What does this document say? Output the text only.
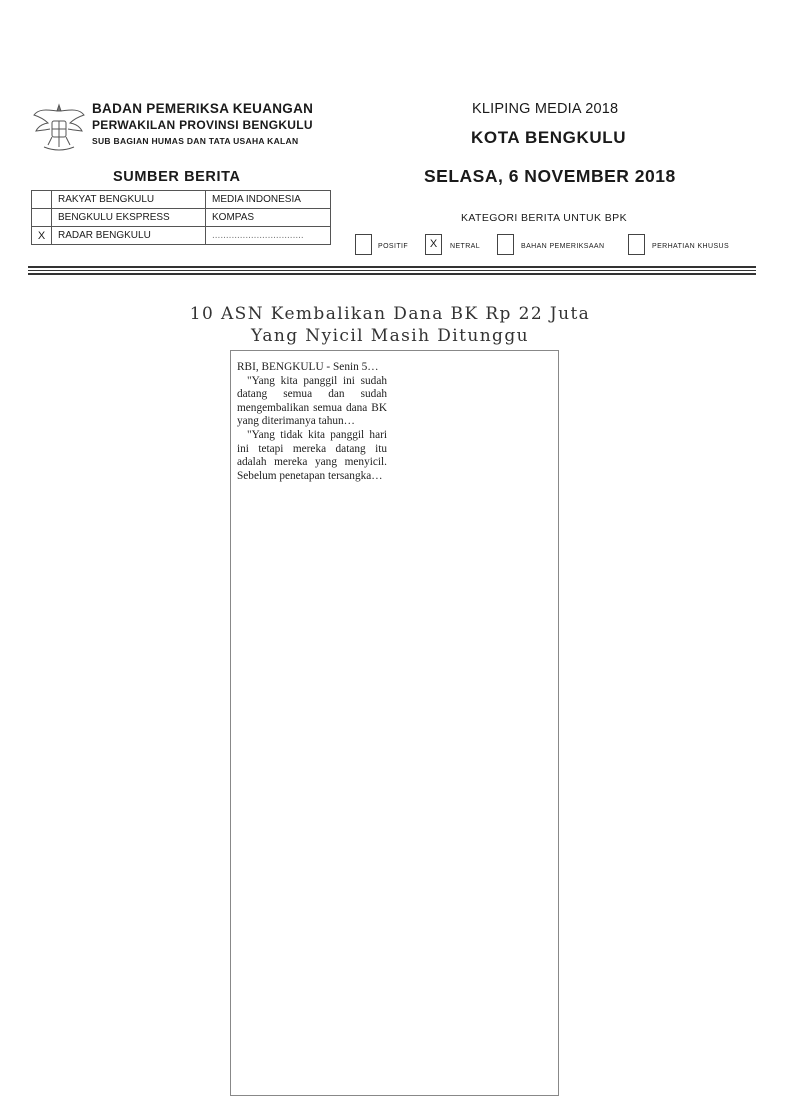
BADAN PEMERIKSA KEUANGAN
PERWAKILAN PROVINSI BENGKULU
SUB BAGIAN HUMAS DAN TATA USAHA KALAN
KLIPING MEDIA 2018
KOTA BENGKULU
SUMBER BERITA	SELASA, 6 NOVEMBER 2018
	RAKYAT BENGKULU	MEDIA INDONESIA
	BENGKULU EKSPRESS	KOMPAS
X	RADAR BENGKULU	.................................
KATEGORI BERITA UNTUK BPK
POSITIF	X	NETRAL	BAHAN PEMERIKSAAN	PERHATIAN KHUSUS
10 ASN Kembalikan Dana BK Rp 22 Juta
Yang Nyicil Masih Ditunggu

RBI, BENGKULU - Senin 5…

"Yang kita panggil ini sudah datang semua dan sudah mengembalikan semua dana BK yang diterimanya tahun…

"Yang tidak kita panggil hari ini tetapi mereka datang itu adalah mereka yang menyicil. Sebelum penetapan tersangka…
